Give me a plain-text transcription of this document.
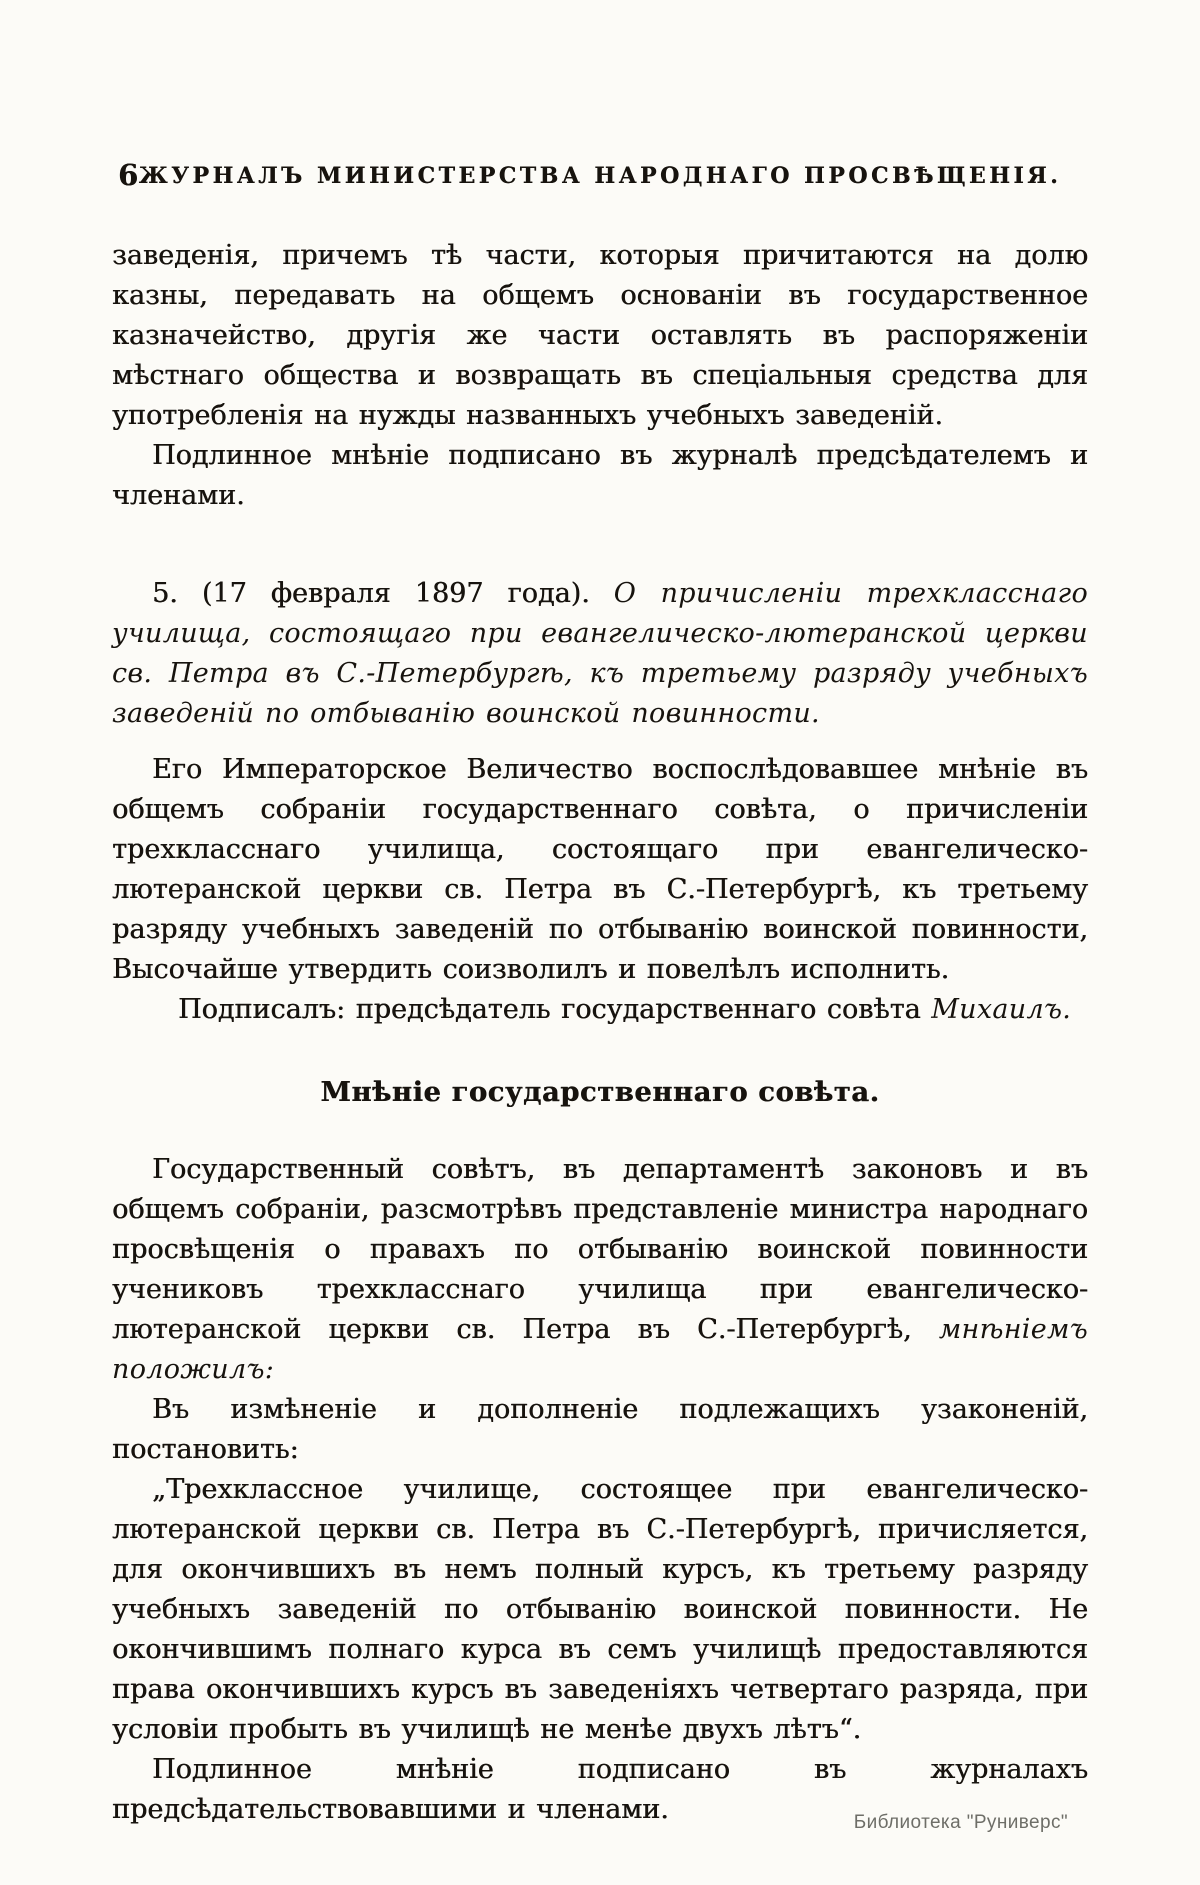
6 ЖУРНАЛЪ МИНИСТЕРСТВА НАРОДНАГО ПРОСВѢЩЕНІЯ.

заведенія, причемъ тѣ части, которыя причитаются на долю казны, передавать на общемъ основаніи въ государственное казначейство, другія же части оставлять въ распоряженіи мѣстнаго общества и возвращать въ спеціальныя средства для употребленія на нужды названныхъ учебныхъ заведеній.

Подлинное мнѣніе подписано въ журналѣ предсѣдателемъ и членами.

5. (17 февраля 1897 года). О причисленіи трехкласснаго училища, состоящаго при евангелическо-лютеранской церкви св. Петра въ С.-Петербургѣ, къ третьему разряду учебныхъ заведеній по отбыванію воинской повинности.

Его Императорское Величество воспослѣдовавшее мнѣніе въ общемъ собраніи государственнаго совѣта, о причисленіи трехкласснаго училища, состоящаго при евангелическо-лютеранской церкви св. Петра въ С.-Петербургѣ, къ третьему разряду учебныхъ заведеній по отбыванію воинской повинности, Высочайше утвердить соизволилъ и повелѣлъ исполнить.

Подписалъ: предсѣдатель государственнаго совѣта Михаилъ.

Мнѣніе государственнаго совѣта.

Государственный совѣтъ, въ департаментѣ законовъ и въ общемъ собраніи, разсмотрѣвъ представленіе министра народнаго просвѣщенія о правахъ по отбыванію воинской повинности учениковъ трехкласснаго училища при евангелическо-лютеранской церкви св. Петра въ С.-Петербургѣ, мнѣніемъ положилъ:

Въ измѣненіе и дополненіе подлежащихъ узаконеній, постановить:

„Трехклассное училище, состоящее при евангелическо-лютеранской церкви св. Петра въ С.-Петербургѣ, причисляется, для окончившихъ въ немъ полный курсъ, къ третьему разряду учебныхъ заведеній по отбыванію воинской повинности. Не окончившимъ полнаго курса въ семъ училищѣ предоставляются права окончившихъ курсъ въ заведеніяхъ четвертаго разряда, при условіи пробыть въ училищѣ не менѣе двухъ лѣтъ“.

Подлинное мнѣніе подписано въ журналахъ предсѣдательствовавшими и членами.	Библиотека "Руниверс"
